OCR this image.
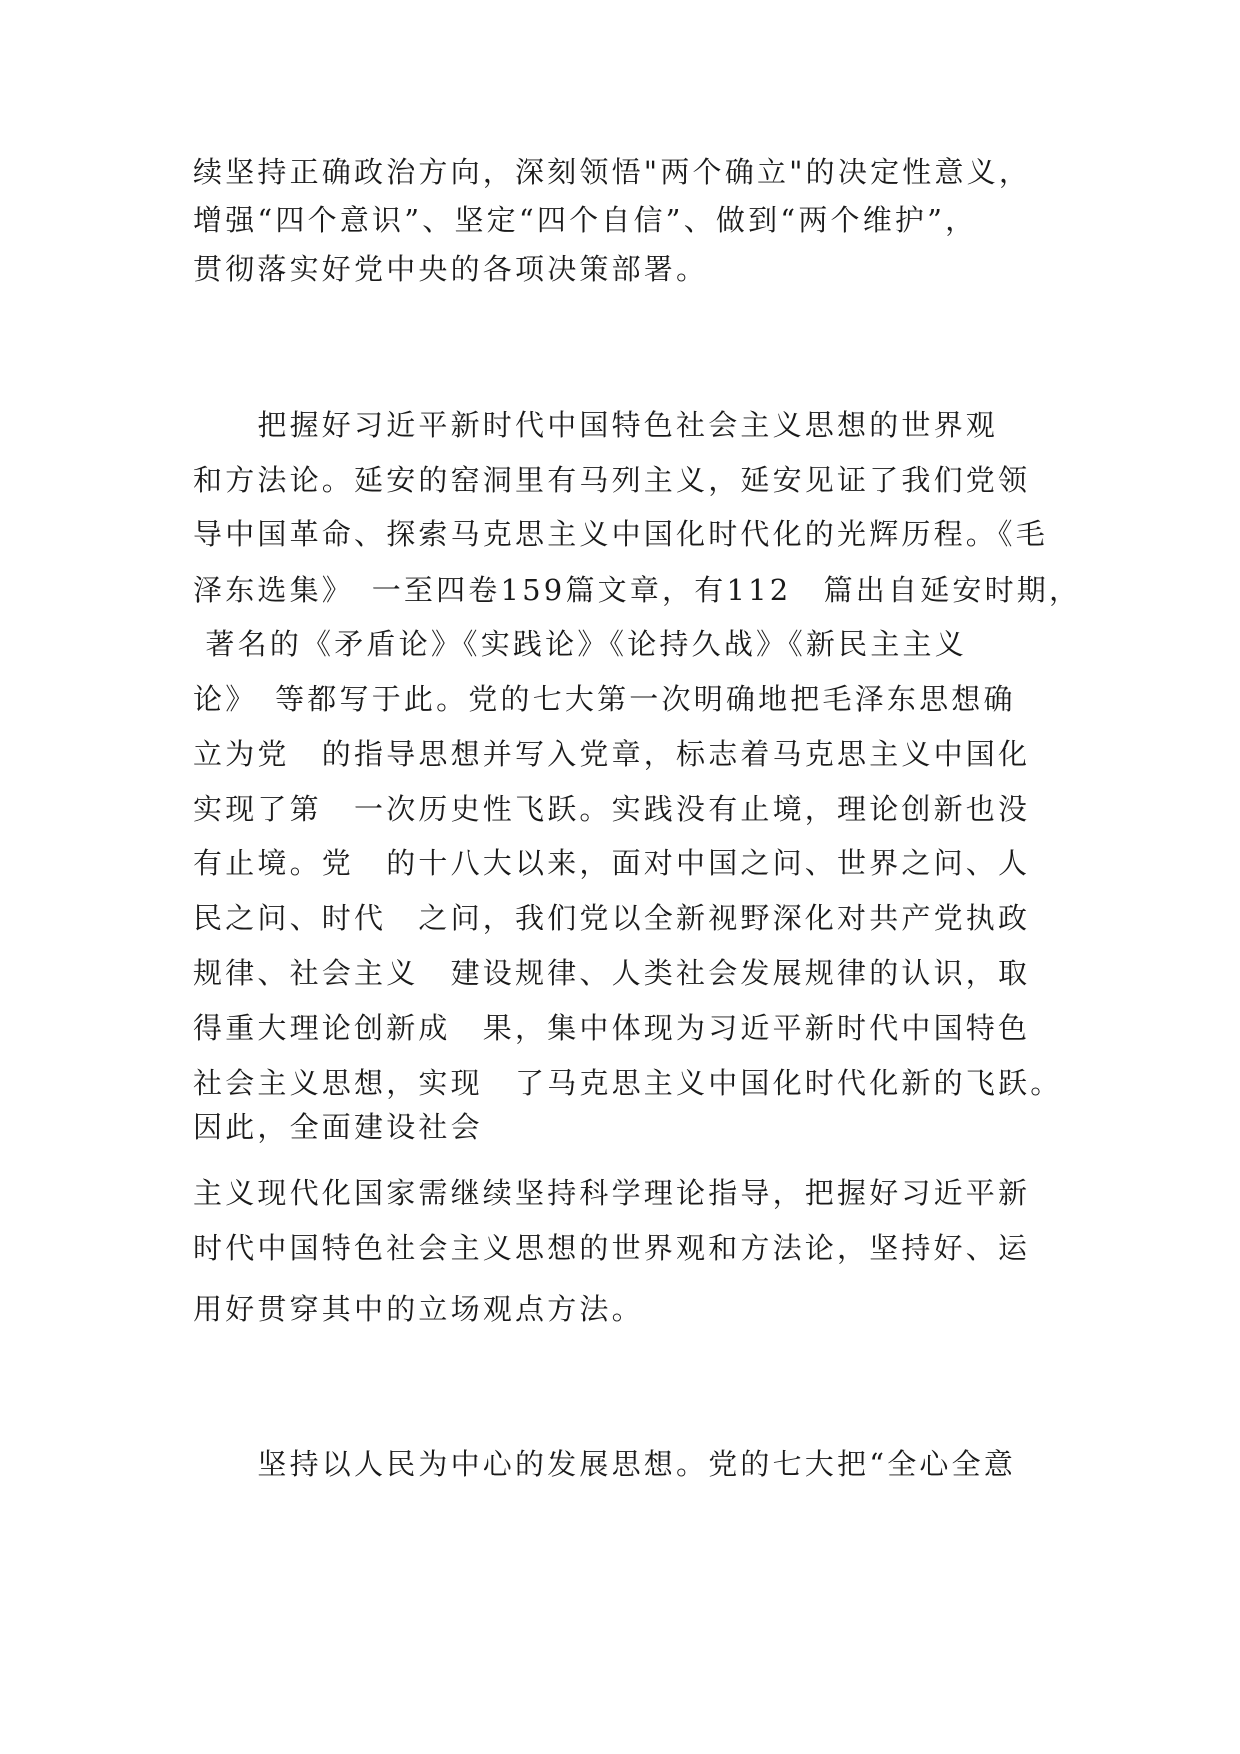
续坚持正确政治方向，深刻领悟"两个确立"的决定性意义，
增强“四个意识”、坚定“四个自信”、做到“两个维护”，
贯彻落实好党中央的各项决策部署。
　　把握好习近平新时代中国特色社会主义思想的世界观
和方法论。延安的窑洞里有马列主义，延安见证了我们党领
导中国革命、探索马克思主义中国化时代化的光辉历程。《毛
泽东选集》　一至四卷159篇文章，有112　篇出自延安时期，
著名的《矛盾论》《实践论》《论持久战》《新民主主义
论》　等都写于此。党的七大第一次明确地把毛泽东思想确
立为党　的指导思想并写入党章，标志着马克思主义中国化
实现了第　一次历史性飞跃。实践没有止境，理论创新也没
有止境。党　的十八大以来，面对中国之问、世界之问、人
民之问、时代　之问，我们党以全新视野深化对共产党执政
规律、社会主义　建设规律、人类社会发展规律的认识，取
得重大理论创新成　果，集中体现为习近平新时代中国特色
社会主义思想，实现　了马克思主义中国化时代化新的飞跃。
因此，全面建设社会
主义现代化国家需继续坚持科学理论指导，把握好习近平新
时代中国特色社会主义思想的世界观和方法论，坚持好、运
用好贯穿其中的立场观点方法。
　　坚持以人民为中心的发展思想。党的七大把“全心全意
